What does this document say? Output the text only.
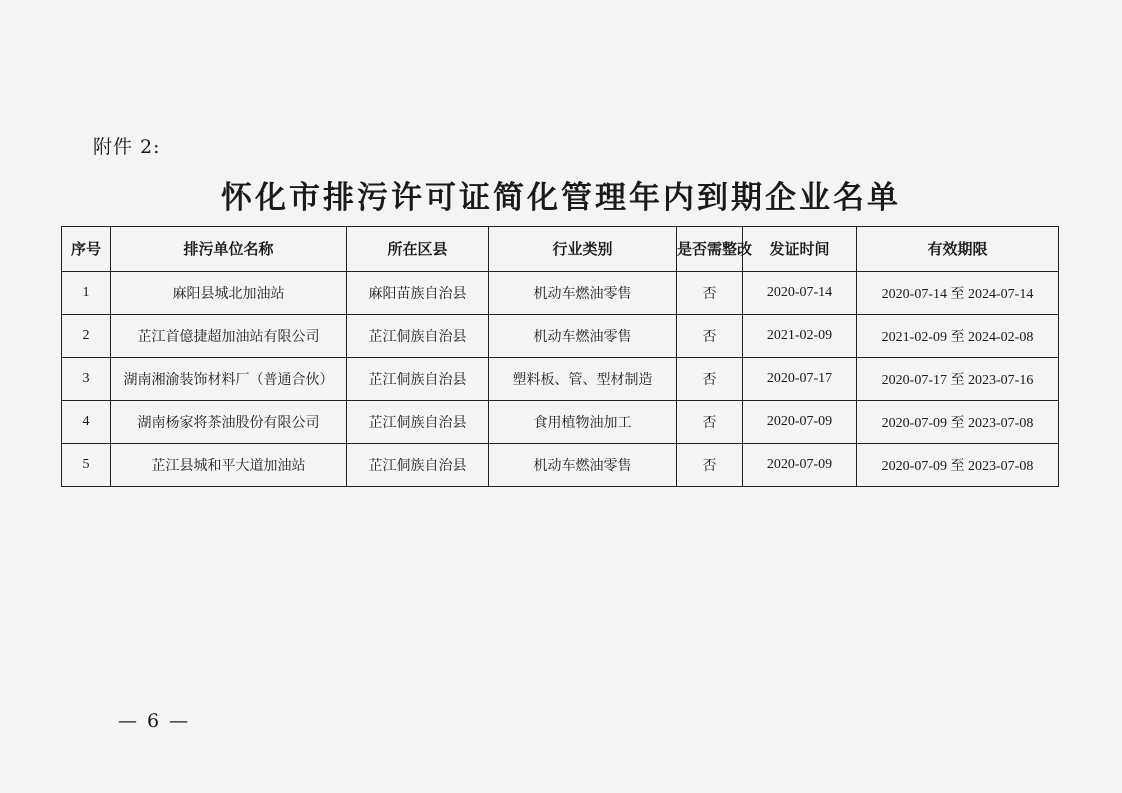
附件 2:
怀化市排污许可证简化管理年内到期企业名单
序号	排污单位名称	所在区县	行业类别	是否需整改	发证时间	有效期限
1	麻阳县城北加油站	麻阳苗族自治县	机动车燃油零售	否	2020-07-14	2020-07-14 至 2024-07-14
2	芷江首億捷超加油站有限公司	芷江侗族自治县	机动车燃油零售	否	2021-02-09	2021-02-09 至 2024-02-08
3	湖南湘渝装饰材料厂（普通合伙）	芷江侗族自治县	塑料板、管、型材制造	否	2020-07-17	2020-07-17 至 2023-07-16
4	湖南杨家将茶油股份有限公司	芷江侗族自治县	食用植物油加工	否	2020-07-09	2020-07-09 至 2023-07-08
5	芷江县城和平大道加油站	芷江侗族自治县	机动车燃油零售	否	2020-07-09	2020-07-09 至 2023-07-08
— 6 —
